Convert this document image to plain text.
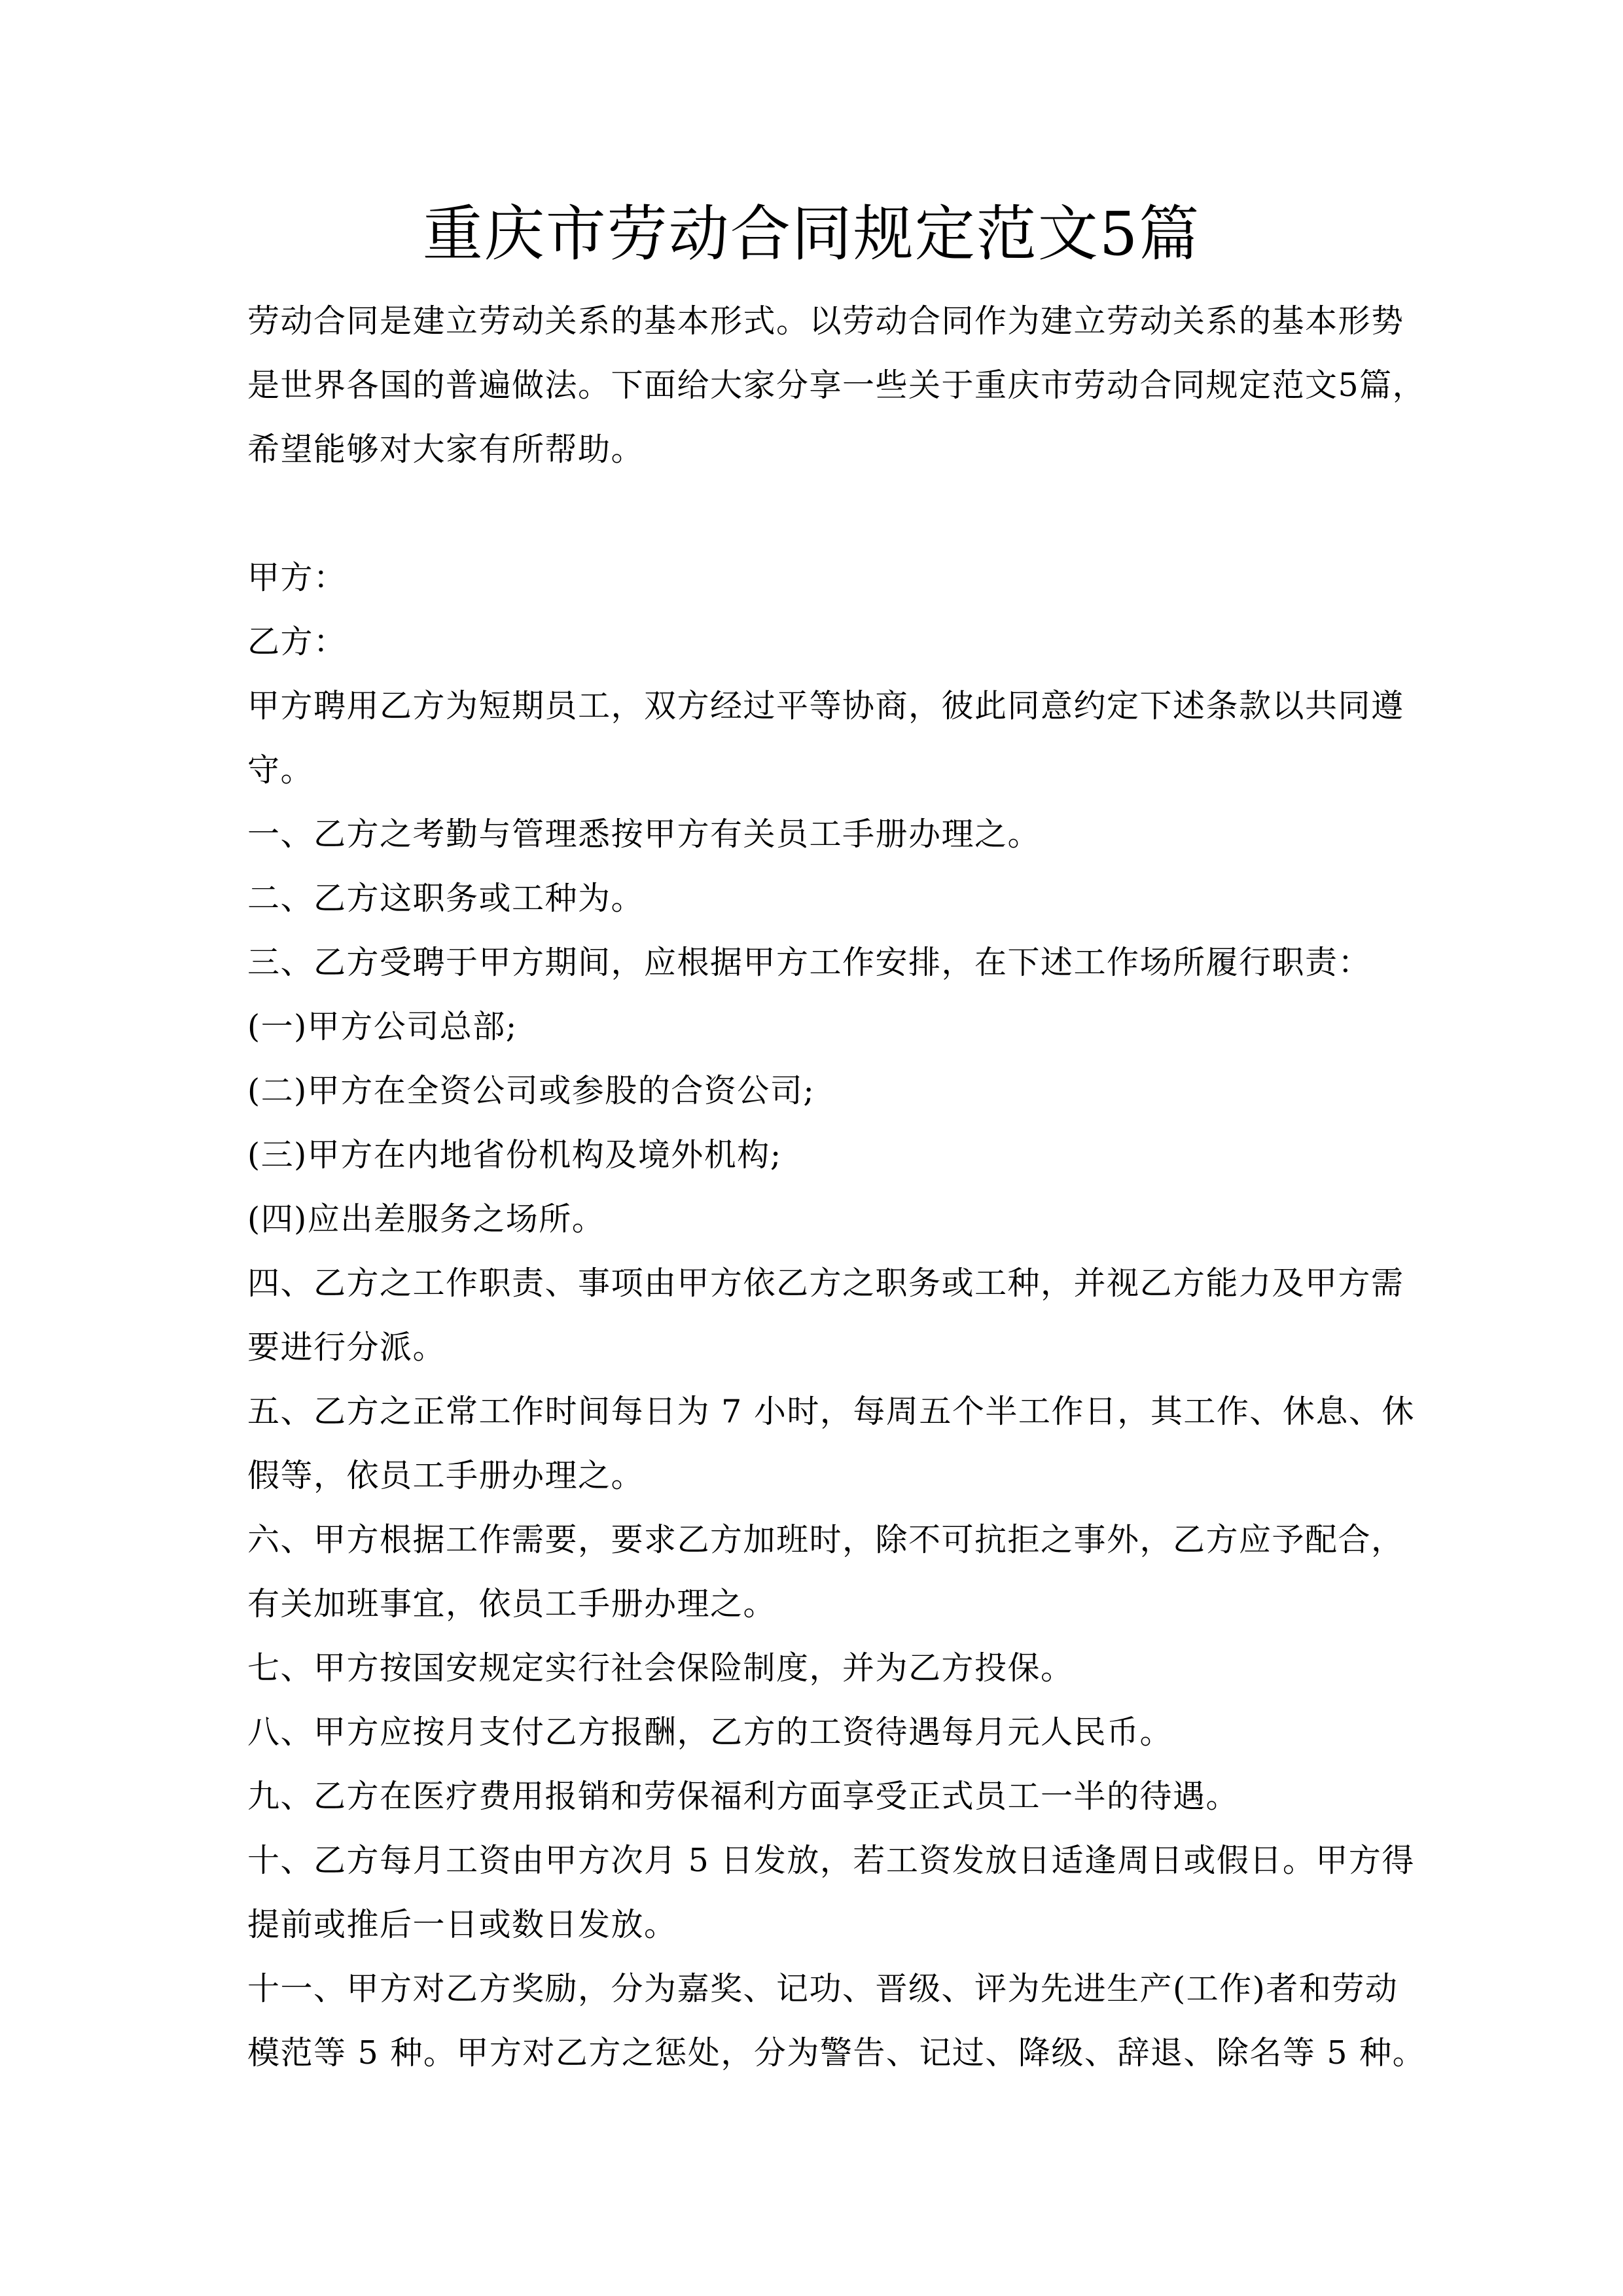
重庆市劳动合同规定范文5篇
劳动合同是建立劳动关系的基本形式。以劳动合同作为建立劳动关系的基本形势
是世界各国的普遍做法。下面给大家分享一些关于重庆市劳动合同规定范文5篇，
希望能够对大家有所帮助。
甲方：
乙方：
甲方聘用乙方为短期员工，双方经过平等协商，彼此同意约定下述条款以共同遵
守。
一、乙方之考勤与管理悉按甲方有关员工手册办理之。
二、乙方这职务或工种为。
三、乙方受聘于甲方期间，应根据甲方工作安排，在下述工作场所履行职责：
(一)甲方公司总部;
(二)甲方在全资公司或参股的合资公司;
(三)甲方在内地省份机构及境外机构;
(四)应出差服务之场所。
四、乙方之工作职责、事项由甲方依乙方之职务或工种，并视乙方能力及甲方需
要进行分派。
五、乙方之正常工作时间每日为 7 小时，每周五个半工作日，其工作、休息、休
假等，依员工手册办理之。
六、甲方根据工作需要，要求乙方加班时，除不可抗拒之事外，乙方应予配合，
有关加班事宜，依员工手册办理之。
七、甲方按国安规定实行社会保险制度，并为乙方投保。
八、甲方应按月支付乙方报酬，乙方的工资待遇每月元人民币。
九、乙方在医疗费用报销和劳保福利方面享受正式员工一半的待遇。
十、乙方每月工资由甲方次月 5 日发放，若工资发放日适逢周日或假日。甲方得
提前或推后一日或数日发放。
十一、甲方对乙方奖励，分为嘉奖、记功、晋级、评为先进生产(工作)者和劳动
模范等 5 种。甲方对乙方之惩处，分为警告、记过、降级、辞退、除名等 5 种。
